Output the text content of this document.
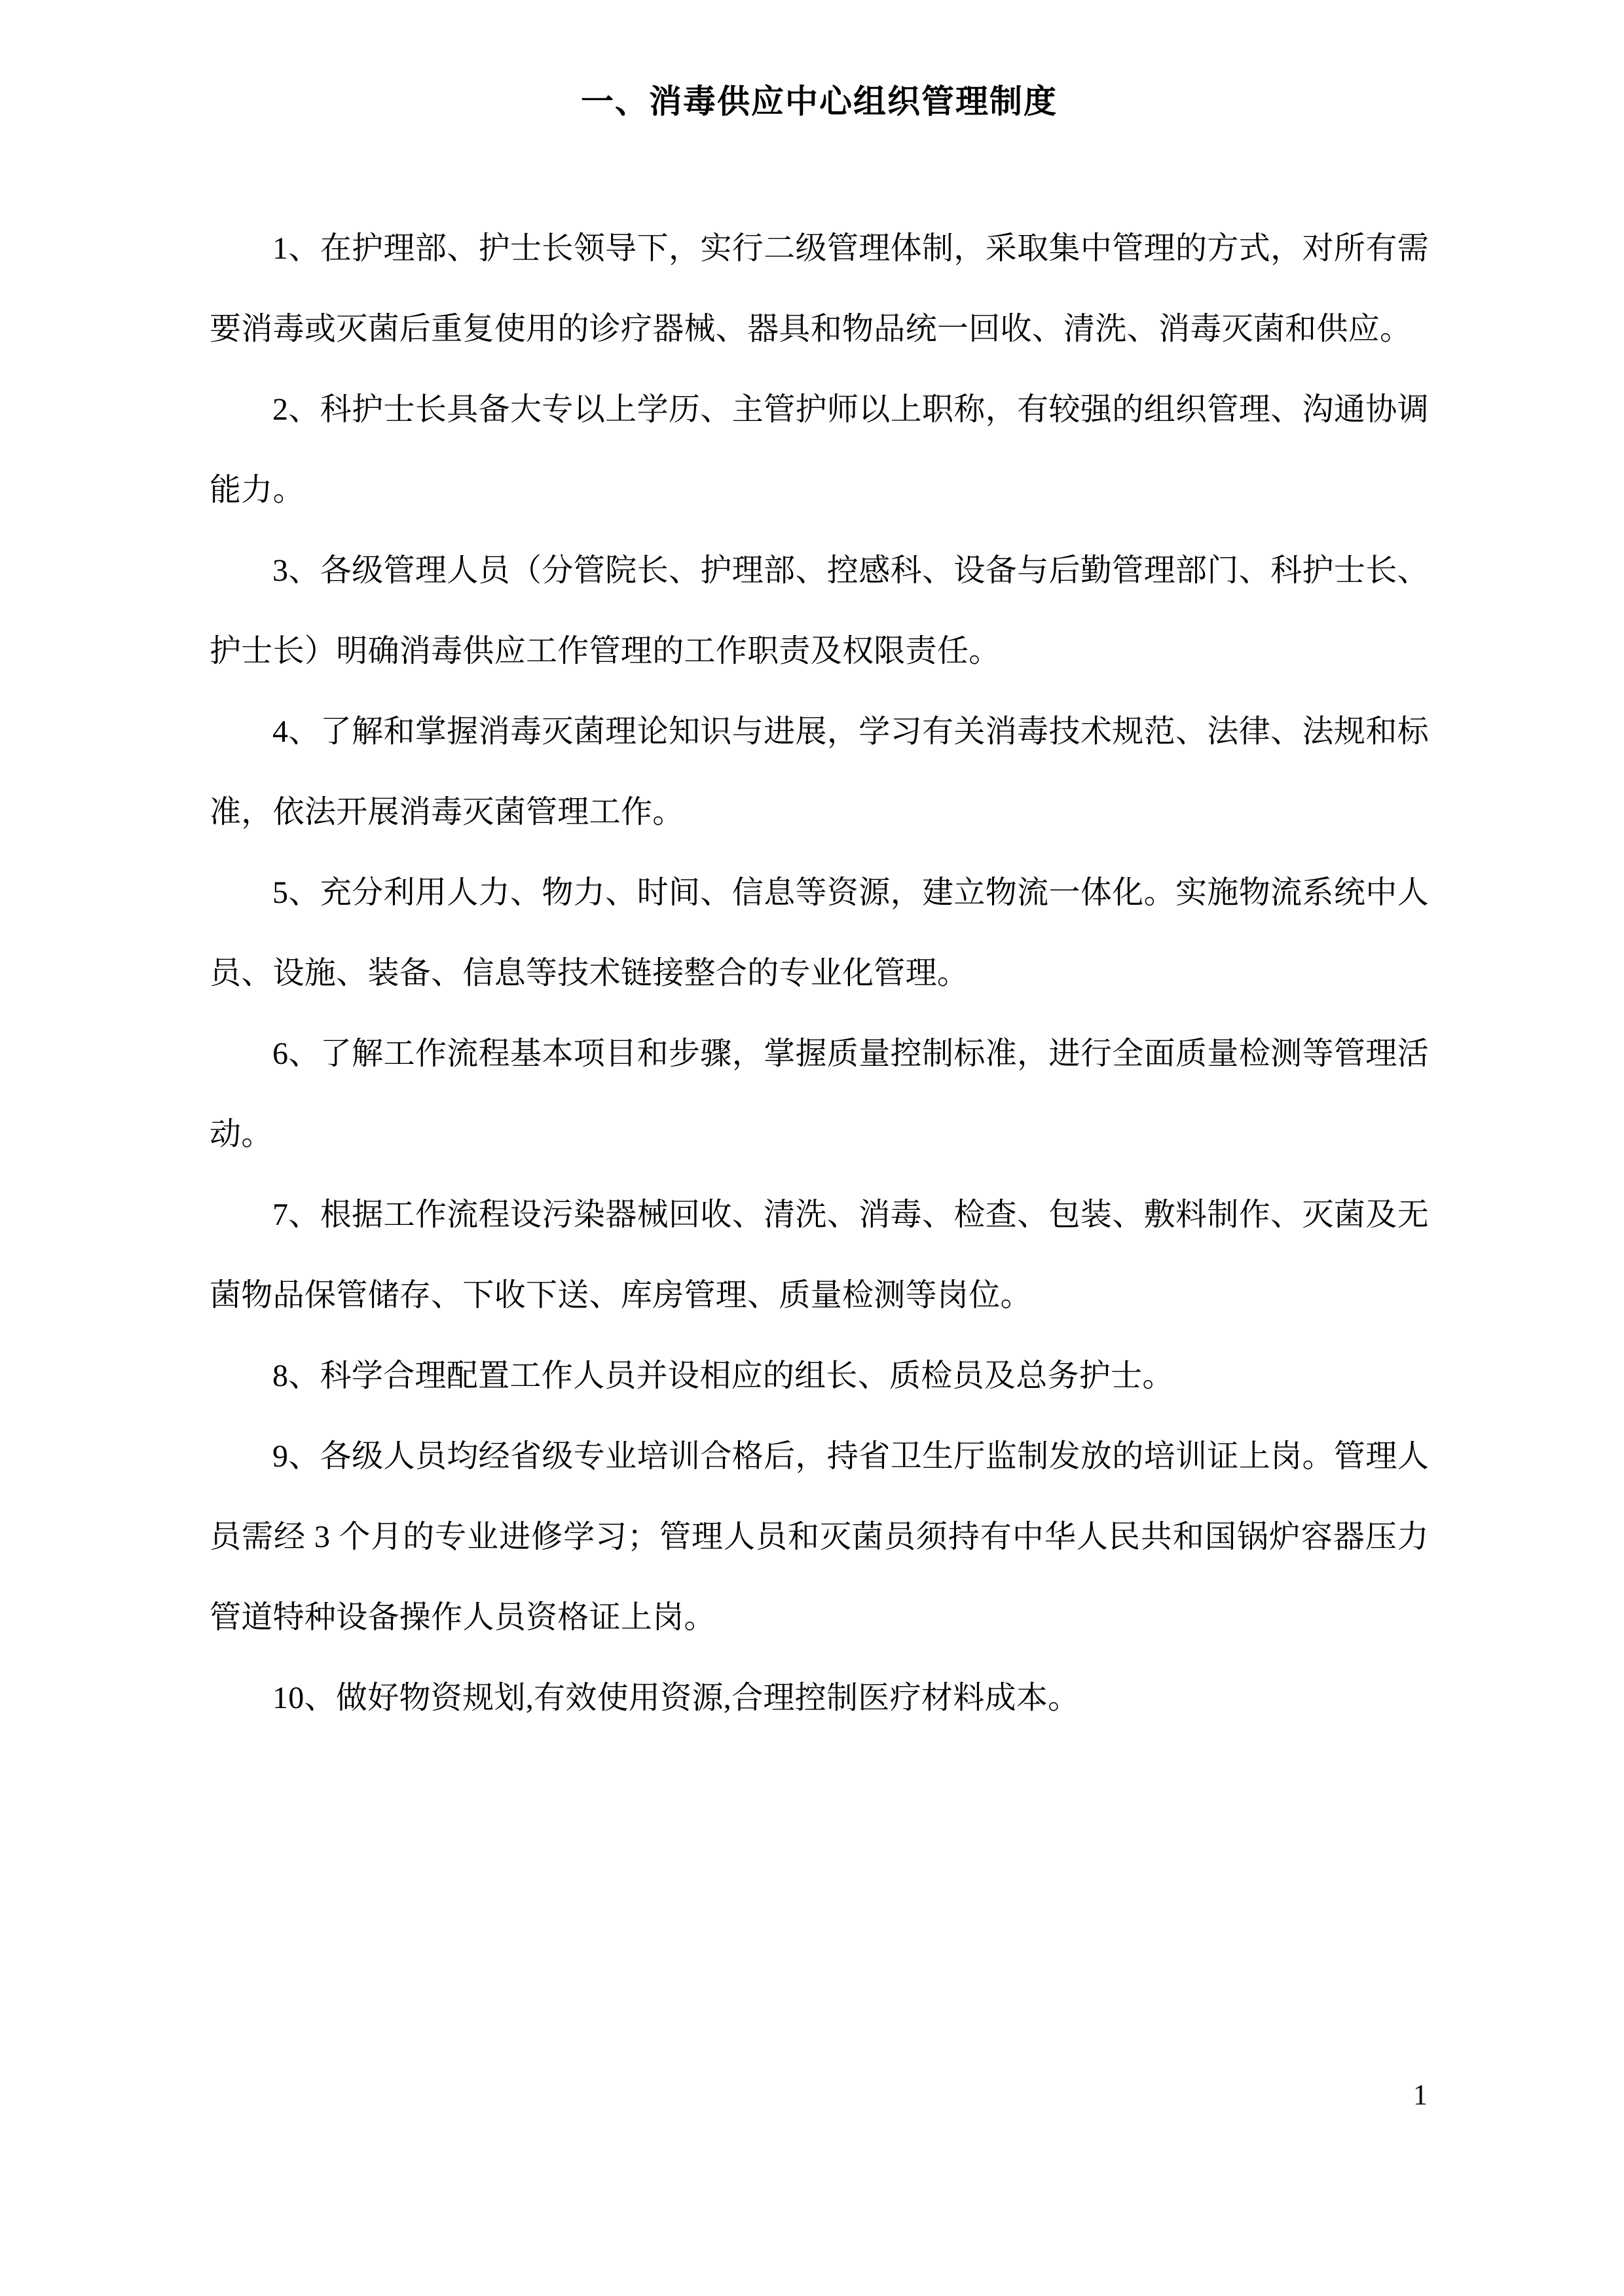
一、消毒供应中心组织管理制度

1、在护理部、护士长领导下，实行二级管理体制，采取集中管理的方式，对所有需要消毒或灭菌后重复使用的诊疗器械、器具和物品统一回收、清洗、消毒灭菌和供应。

2、科护士长具备大专以上学历、主管护师以上职称，有较强的组织管理、沟通协调能力。

3、各级管理人员（分管院长、护理部、控感科、设备与后勤管理部门、科护士长、护士长）明确消毒供应工作管理的工作职责及权限责任。

4、了解和掌握消毒灭菌理论知识与进展，学习有关消毒技术规范、法律、法规和标准，依法开展消毒灭菌管理工作。

5、充分利用人力、物力、时间、信息等资源，建立物流一体化。实施物流系统中人员、设施、装备、信息等技术链接整合的专业化管理。

6、了解工作流程基本项目和步骤，掌握质量控制标准，进行全面质量检测等管理活动。

7、根据工作流程设污染器械回收、清洗、消毒、检查、包装、敷料制作、灭菌及无菌物品保管储存、下收下送、库房管理、质量检测等岗位。

8、科学合理配置工作人员并设相应的组长、质检员及总务护士。

9、各级人员均经省级专业培训合格后，持省卫生厅监制发放的培训证上岗。管理人员需经 3 个月的专业进修学习；管理人员和灭菌员须持有中华人民共和国锅炉容器压力管道特种设备操作人员资格证上岗。

10、做好物资规划,有效使用资源,合理控制医疗材料成本。

1
